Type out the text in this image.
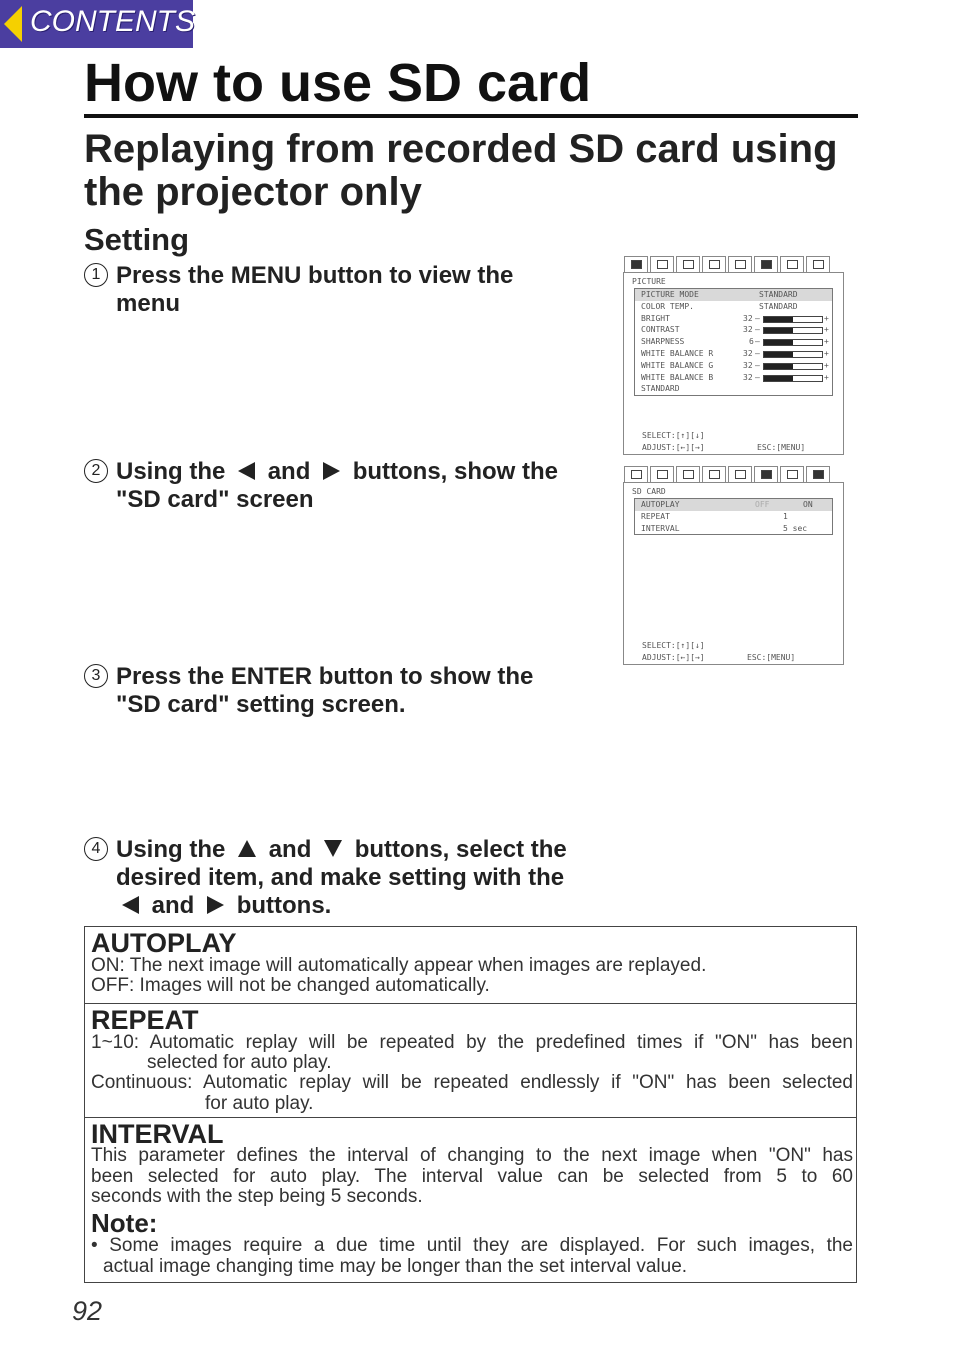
CONTENTS
How to use SD card
Replaying from recorded SD card using the projector only
Setting
1 Press the MENU button to view the
menu
2 Using the and buttons, show the
"SD card" screen
3 Press the ENTER button to show the
"SD card" setting screen.
4 Using the and buttons, select the
desired item, and make setting with the
and buttons.
PICTURE
PICTURE MODE	STANDARD
COLOR TEMP.	STANDARD
BRIGHT	32 –	+
CONTRAST	32 –	+
SHARPNESS	6 –	+
WHITE BALANCE R	32 –	+
WHITE BALANCE G	32 –	+
WHITE BALANCE B	32 –	+
STANDARD
SELECT:[↑][↓]
ADJUST:[←][→]	ESC:[MENU]
SD CARD
AUTOPLAY	OFF	ON
REPEAT	1
INTERVAL	5 sec
SELECT:[↑][↓]
ADJUST:[←][→]	ESC:[MENU]
AUTOPLAY
ON: The next image will automatically appear when images are replayed.
OFF: Images will not be changed automatically.
REPEAT
1~10: Automatic replay will be repeated by the predefined times if "ON" has been
selected for auto play.
Continuous: Automatic replay will be repeated endlessly if "ON" has been selected
for auto play.
INTERVAL
This parameter defines the interval of changing to the next image when "ON" has
been selected for auto play. The interval value can be selected from 5 to 60
seconds with the step being 5 seconds.
Note:
• Some images require a due time until they are displayed. For such images, the
actual image changing time may be longer than the set interval value.
92
